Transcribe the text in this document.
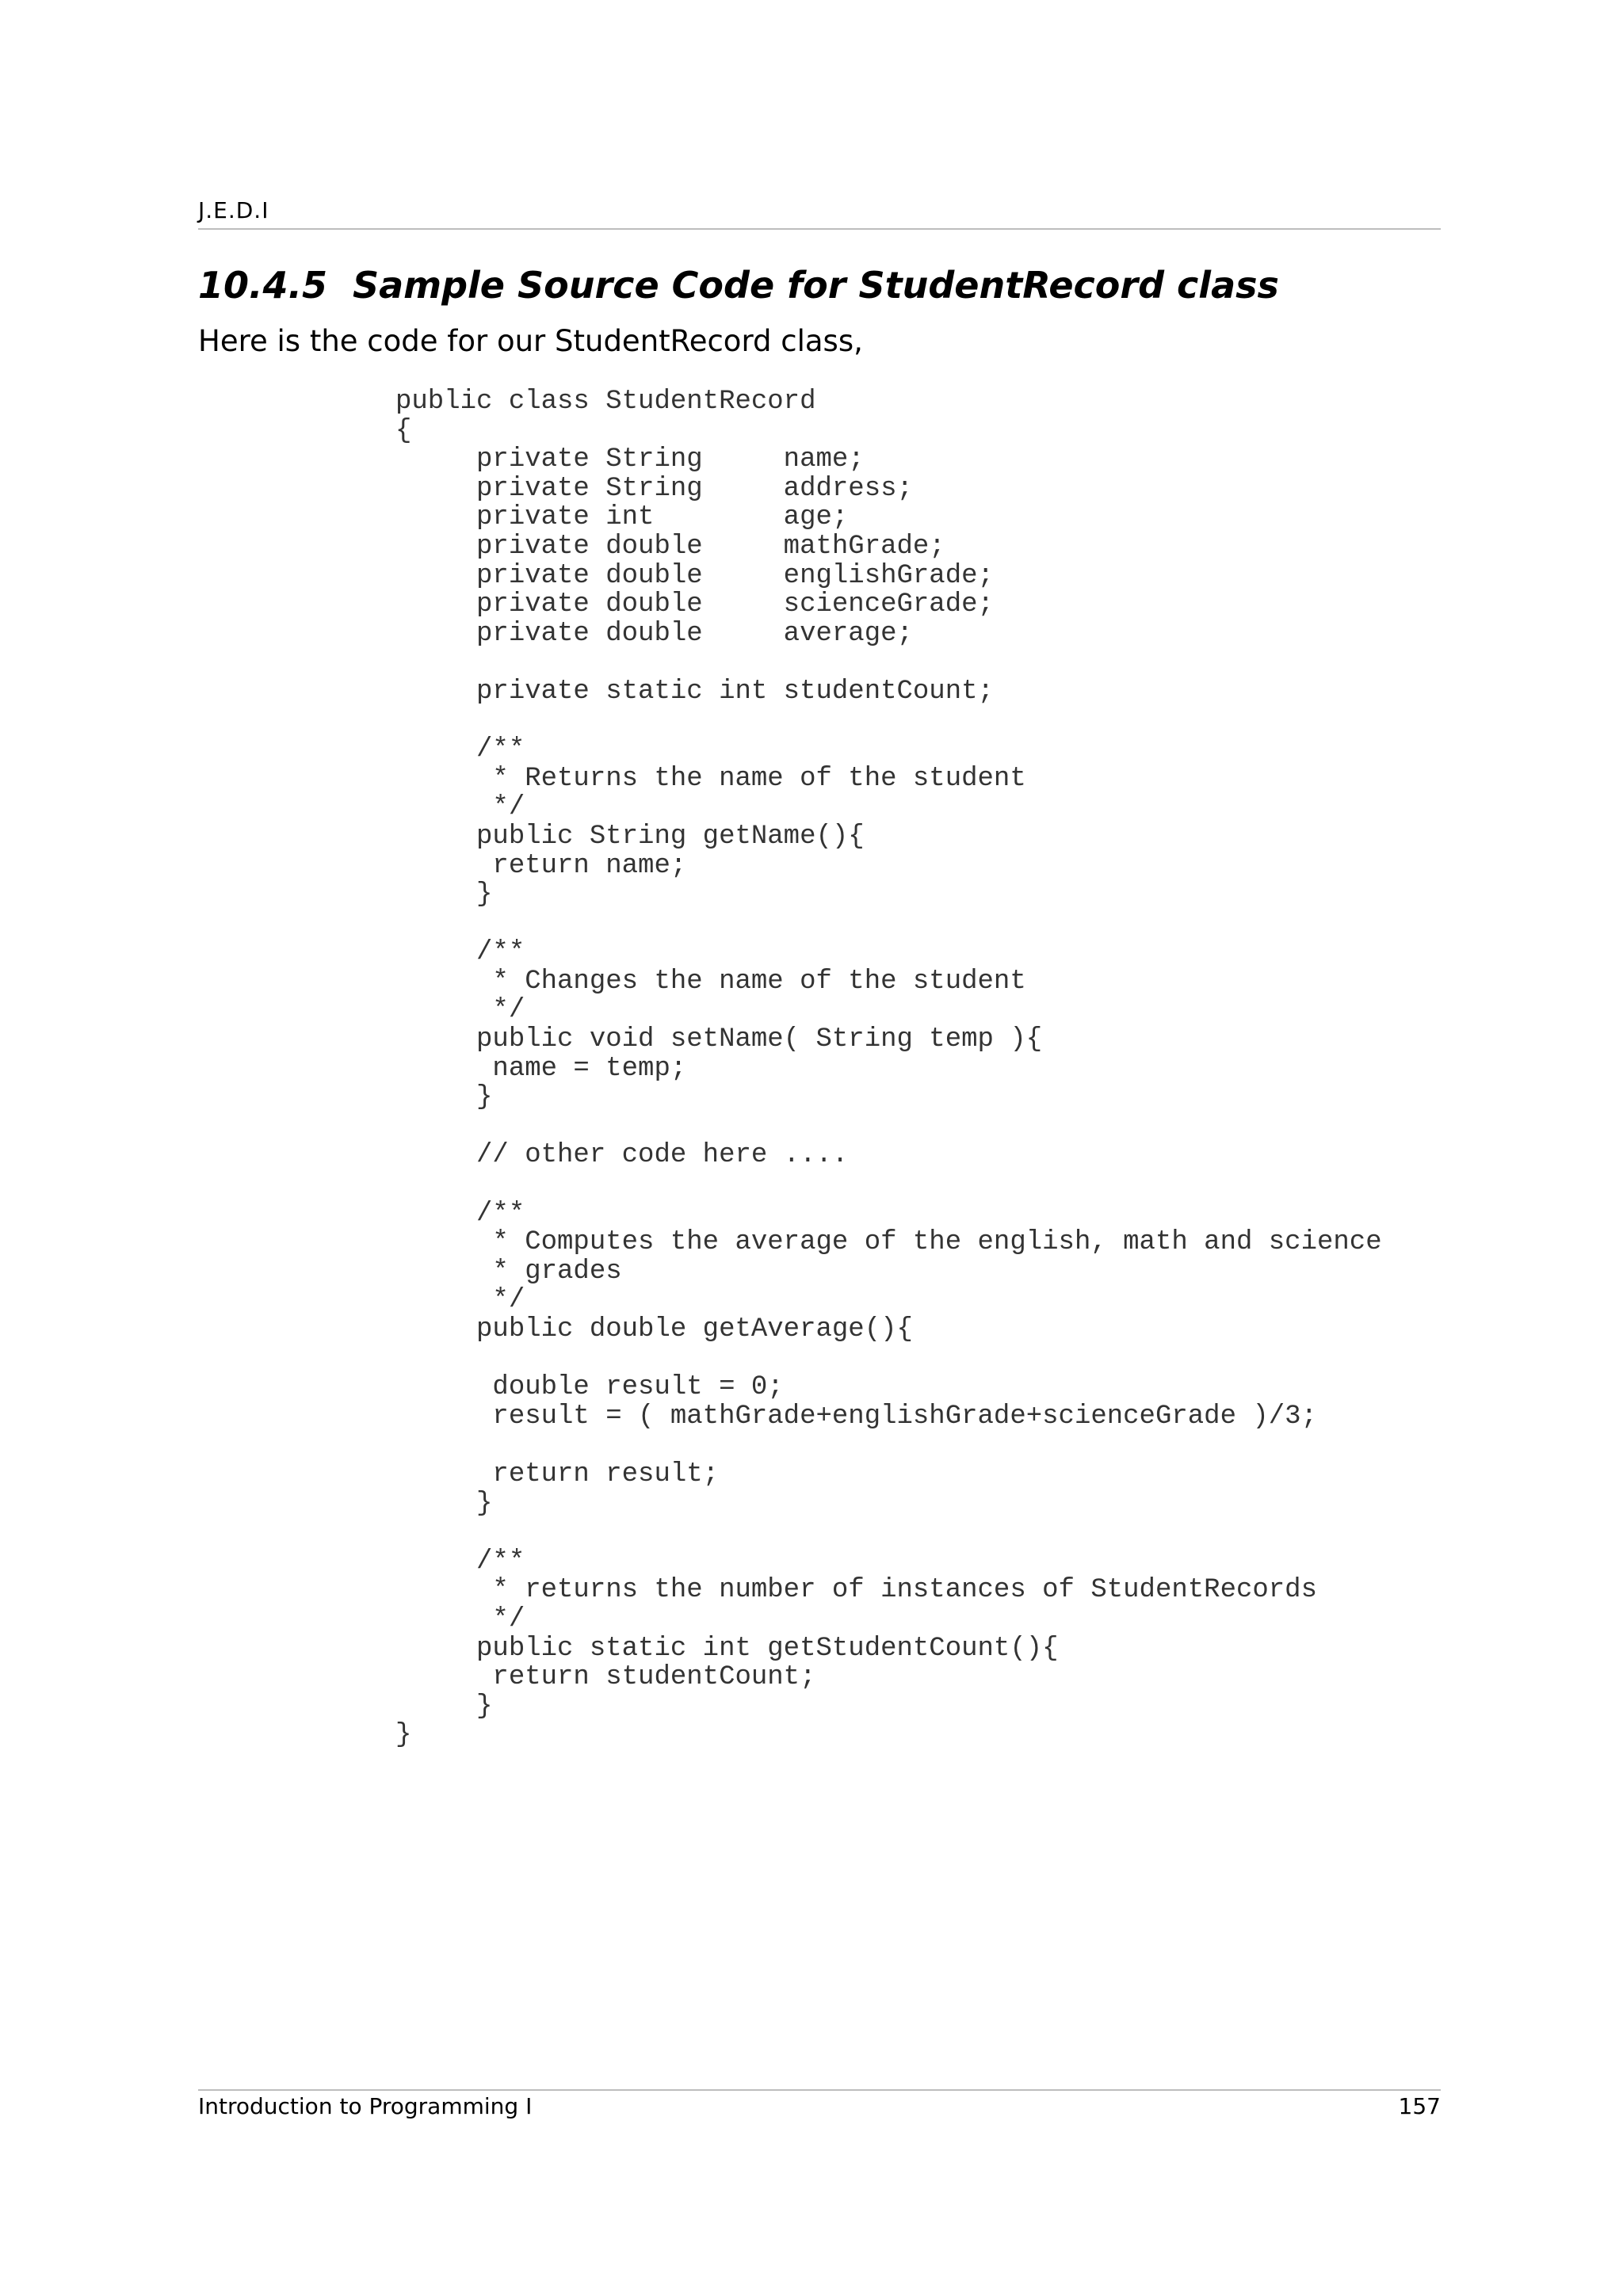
J.E.D.I
10.4.5  Sample Source Code for StudentRecord class
Here is the code for our StudentRecord class,
public class StudentRecord
{
private String     name;
private String     address;
private int        age;
private double     mathGrade;
private double     englishGrade;
private double     scienceGrade;
private double     average;

private static int studentCount;

/**
* Returns the name of the student
*/
public String getName(){
return name;
}

/**
* Changes the name of the student
*/
public void setName( String temp ){
name = temp;
}

// other code here ....

/**
* Computes the average of the english, math and science
* grades
*/
public double getAverage(){

double result = 0;
result = ( mathGrade+englishGrade+scienceGrade )/3;

return result;
}

/**
* returns the number of instances of StudentRecords
*/
public static int getStudentCount(){
return studentCount;
}
}
Introduction to Programming I	157
